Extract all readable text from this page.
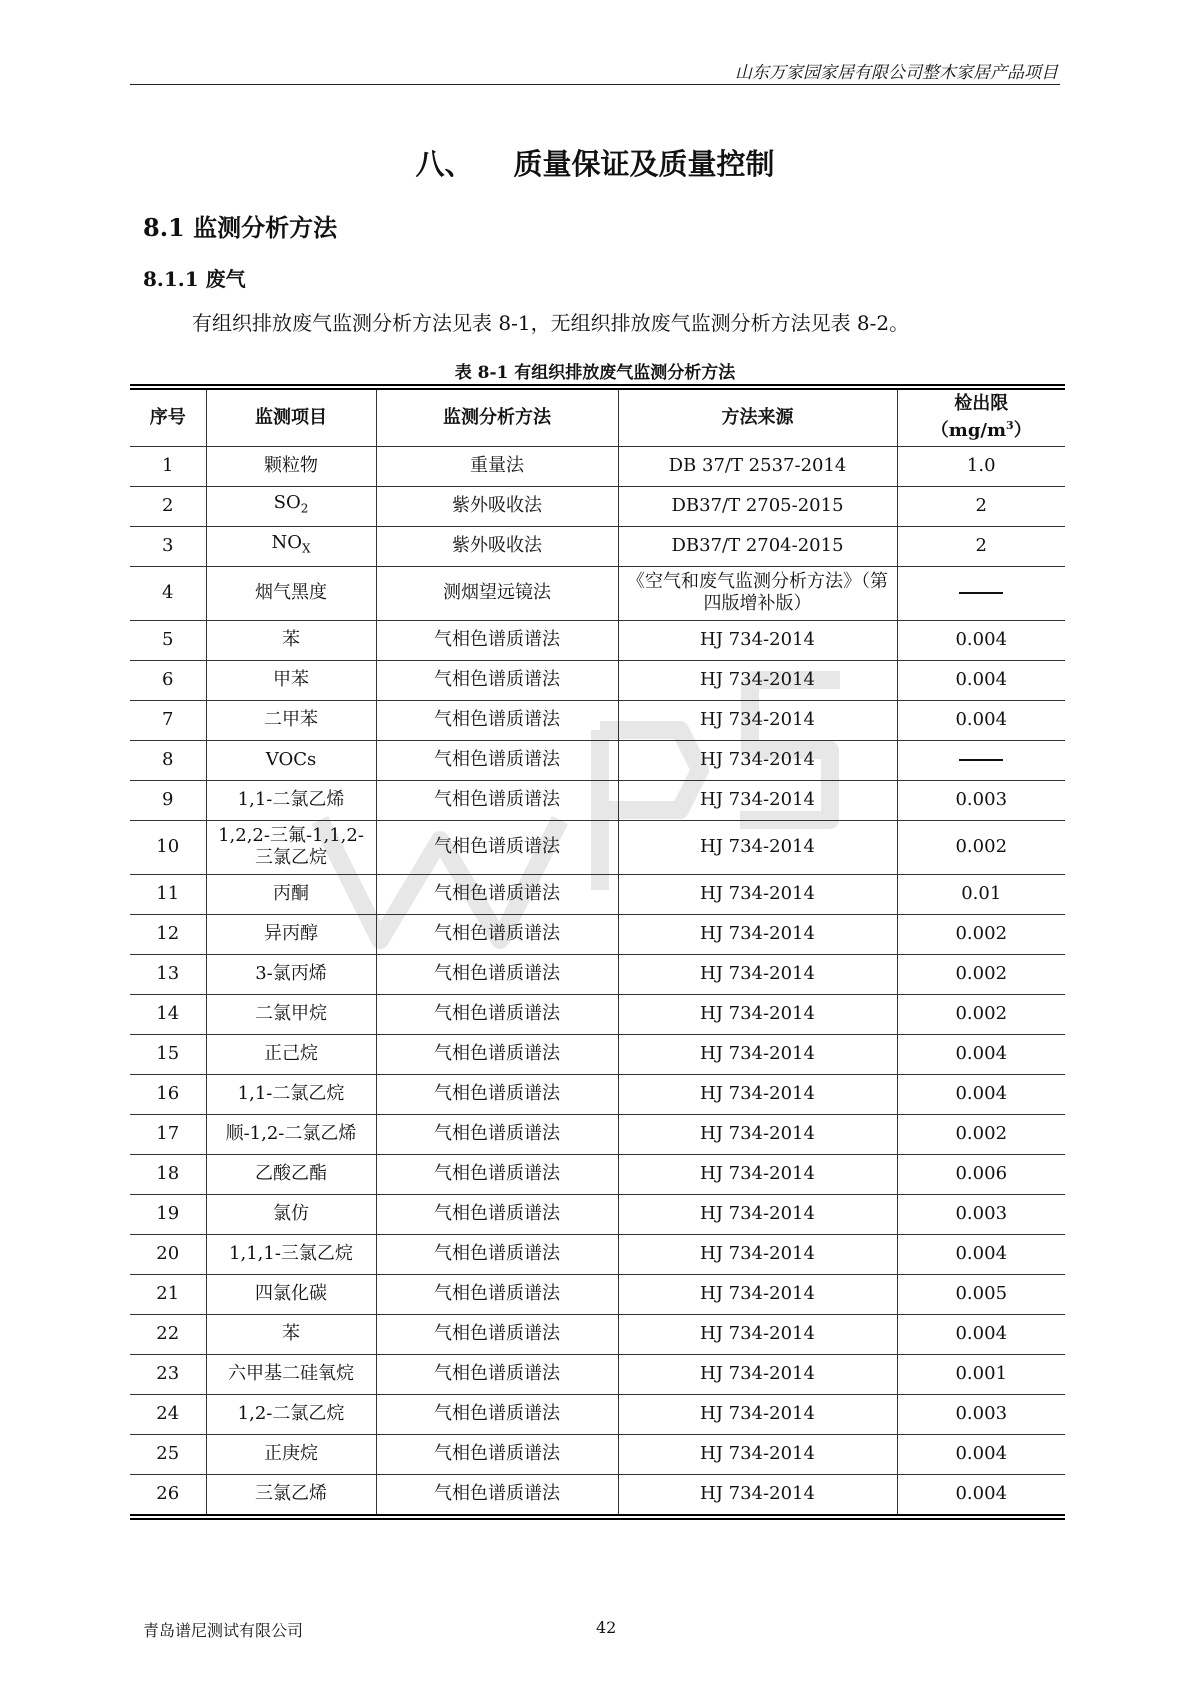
山东万家园家居有限公司整木家居产品项目
八、 质量保证及质量控制
8.1 监测分析方法
8.1.1 废气
有组织排放废气监测分析方法见表 8-1，无组织排放废气监测分析方法见表 8-2。
表 8-1 有组织排放废气监测分析方法
序号	监测项目	监测分析方法	方法来源	检出限
$(mg/m^3)$

1	颗粒物	重量法	DB 37/T 2537-2014	1.0
2	$SO_2$	紫外吸收法	DB37/T 2705-2015	2
3	$NO_X$	紫外吸收法	DB37/T 2704-2015	2
4	烟气黑度	测烟望远镜法	《空气和废气监测分析方法》（第四版增补版）	
5	苯	气相色谱质谱法	HJ 734-2014	0.004
6	甲苯	气相色谱质谱法	HJ 734-2014	0.004
7	二甲苯	气相色谱质谱法	HJ 734-2014	0.004
8	VOCs	气相色谱质谱法	HJ 734-2014	
9	1,1-二氯乙烯	气相色谱质谱法	HJ 734-2014	0.003
10	1,2,2-三氟-1,1,2-三氯乙烷	气相色谱质谱法	HJ 734-2014	0.002
11	丙酮	气相色谱质谱法	HJ 734-2014	0.01
12	异丙醇	气相色谱质谱法	HJ 734-2014	0.002
13	3-氯丙烯	气相色谱质谱法	HJ 734-2014	0.002
14	二氯甲烷	气相色谱质谱法	HJ 734-2014	0.002
15	正己烷	气相色谱质谱法	HJ 734-2014	0.004
16	1,1-二氯乙烷	气相色谱质谱法	HJ 734-2014	0.004
17	顺-1,2-二氯乙烯	气相色谱质谱法	HJ 734-2014	0.002
18	乙酸乙酯	气相色谱质谱法	HJ 734-2014	0.006
19	氯仿	气相色谱质谱法	HJ 734-2014	0.003
20	1,1,1-三氯乙烷	气相色谱质谱法	HJ 734-2014	0.004
21	四氯化碳	气相色谱质谱法	HJ 734-2014	0.005
22	苯	气相色谱质谱法	HJ 734-2014	0.004
23	六甲基二硅氧烷	气相色谱质谱法	HJ 734-2014	0.001
24	1,2-二氯乙烷	气相色谱质谱法	HJ 734-2014	0.003
25	正庚烷	气相色谱质谱法	HJ 734-2014	0.004
26	三氯乙烯	气相色谱质谱法	HJ 734-2014	0.004
青岛谱尼测试有限公司	42
